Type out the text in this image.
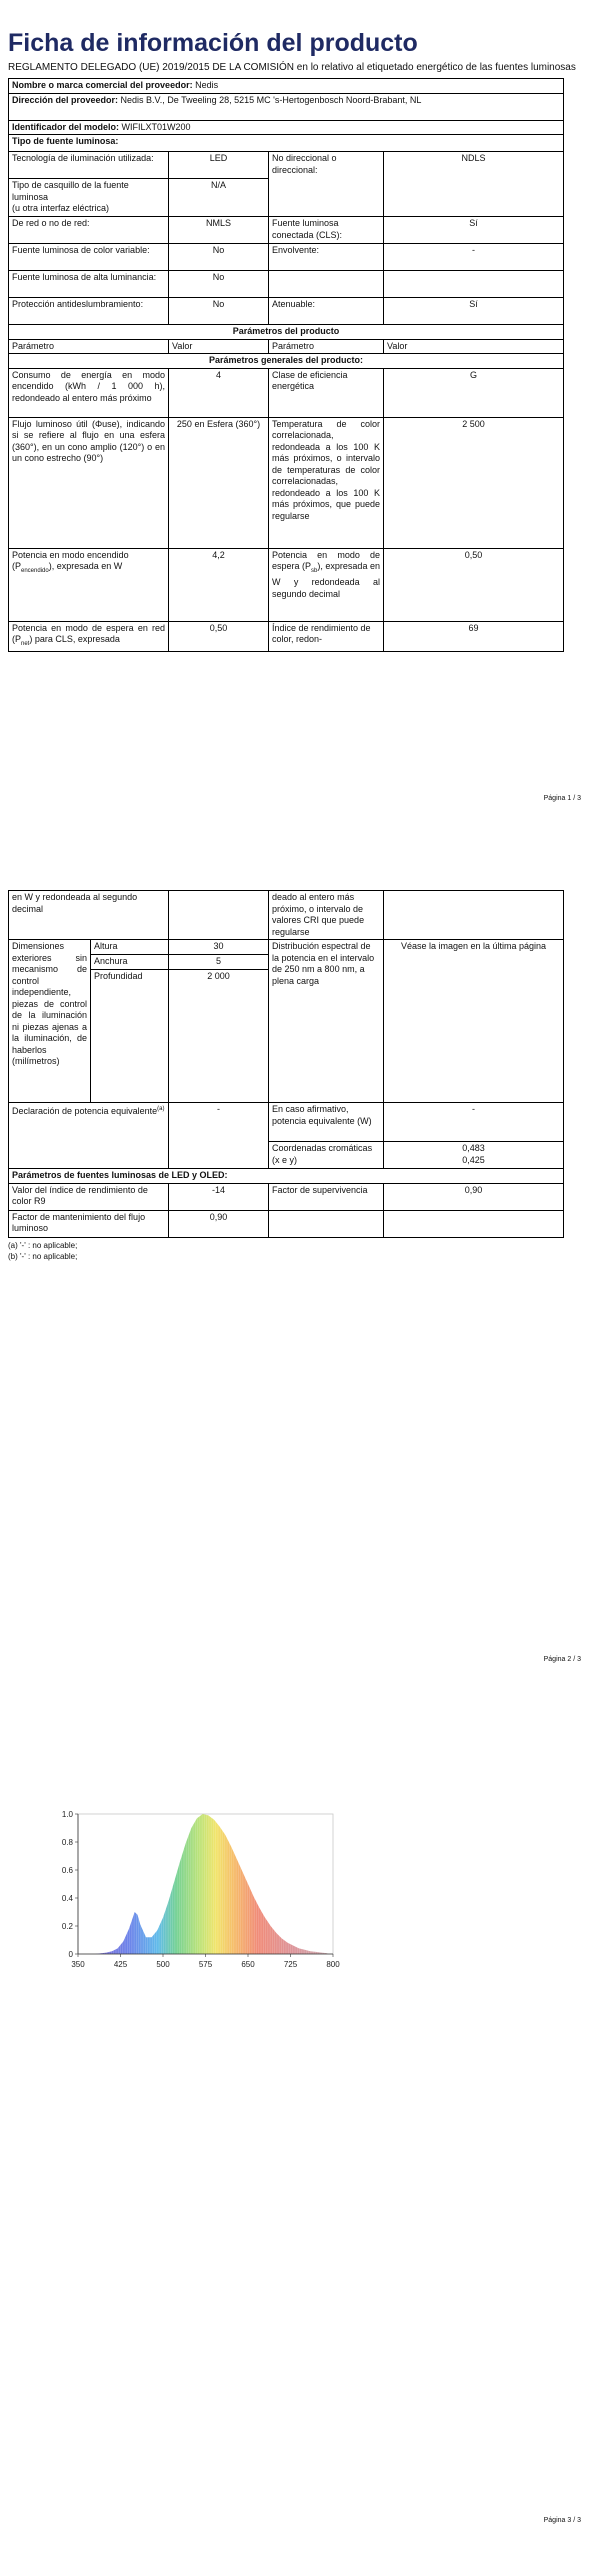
Ficha de información del producto
REGLAMENTO DELEGADO (UE) 2019/2015 DE LA COMISIÓN en lo relativo al etiquetado energético de las fuentes luminosas
Nombre o marca comercial del proveedor: Nedis			
Dirección del proveedor: Nedis B.V., De Tweeling 28, 5215 MC 's-Hertogenbosch Noord-Brabant, NL			
Identificador del modelo: WIFILXT01W200			
Tipo de fuente luminosa:			
Tecnología de iluminación utilizada:	LED	No direccional o direccional:	NDLS
Tipo de casquillo de la fuente luminosa
(u otra interfaz eléctrica)	N/A		
De red o no de red:	NMLS	Fuente luminosa conectada (CLS):	Sí
Fuente luminosa de color variable:	No	Envolvente:	-
Fuente luminosa de alta luminancia:	No		
Protección antideslumbramiento:	No	Atenuable:	Sí
Parámetros del producto			
Parámetro	Valor	Parámetro	Valor
Parámetros generales del producto:			
Consumo de energía en modo encendido (kWh / 1 000 h), redondeado al entero más próximo	4	Clase de eficiencia energética	G
Flujo luminoso útil (Φuse), indicando si se refiere al flujo en una esfera (360°), en un cono amplio (120°) o en un cono estrecho (90°)	250 en Esfera (360°)	Temperatura de color correlacionada, redondeada a los 100 K más próximos, o intervalo de temperaturas de color correlacionadas, redondeado a los 100 K más próximos, que puede regularse	2 500
Potencia en modo encendido $(P_{encendido})$, expresada en W	4,2	Potencia en modo de espera $(P_{sb})$, expresada en W y redondeada al segundo decimal	0,50
Potencia en modo de espera en red $(P_{net})$ para CLS, expresada	0,50	Índice de rendimiento de color, redon-	69
Página 1 / 3
en W y redondeada al segundo decimal			deado al entero más próximo, o intervalo de valores CRI que puede regularse	
Dimensiones exteriores sin mecanismo de control independiente, piezas de control de la iluminación ni piezas ajenas a la iluminación, de haberlos (milímetros)	Altura	30	Distribución espectral de la potencia en el intervalo de 250 nm a 800 nm, a plena carga	Véase la imagen en la última página
	Anchura	5		
	Profundidad	2 000		
Declaración de potencia equivalente$^{(a)}$		-	En caso afirmativo, potencia equivalente (W)	-
			Coordenadas cromáticas (x e y)	0,483
0,425
Parámetros de fuentes luminosas de LED y OLED:				
Valor del índice de rendimiento de color R9		-14	Factor de supervivencia	0,90
Factor de mantenimiento del flujo luminoso		0,90		
(a) '-' : no aplicable;
(b) '-' : no aplicable;
Página 2 / 3
350	425	500	575	650	725	800
0
0.2
0.4
0.6
0.8
1.0
Página 3 / 3
